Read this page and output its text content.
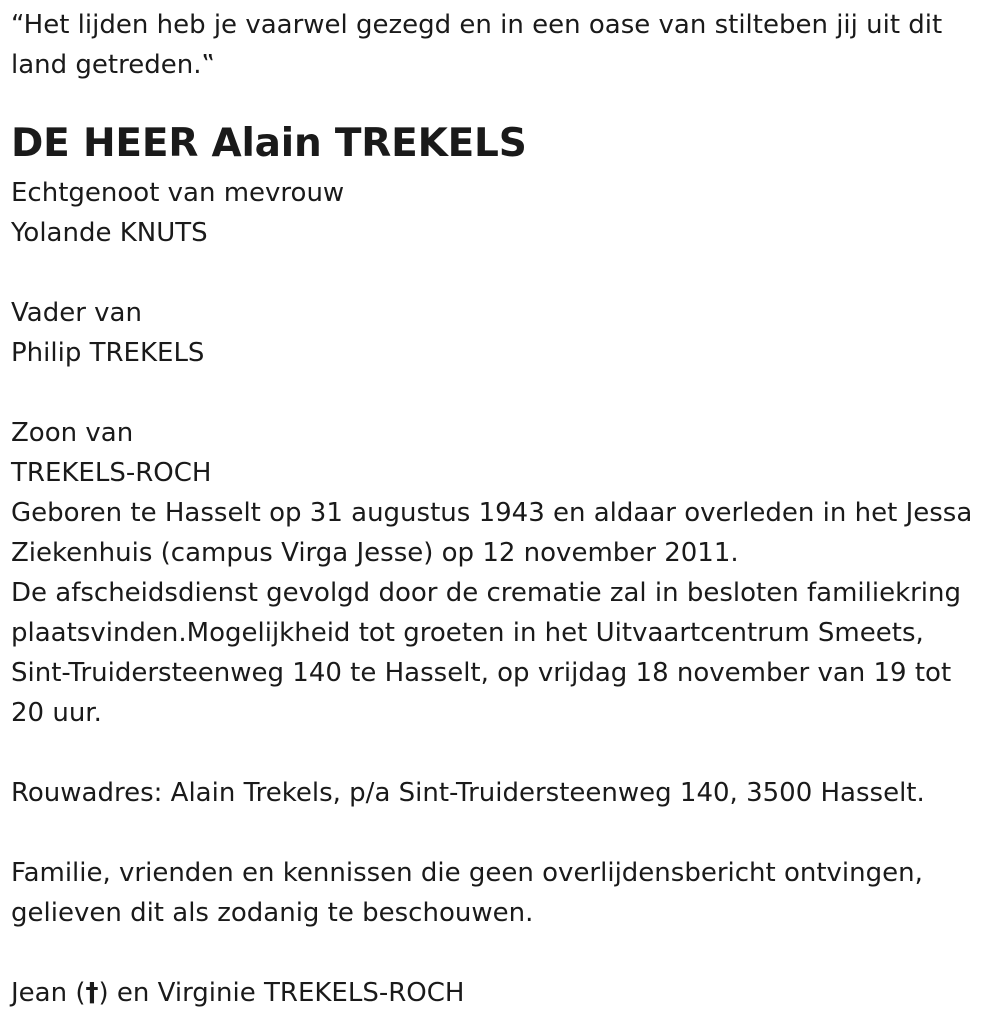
“Het lijden heb je vaarwel gezegd en in een oase van stilteben jij uit dit
land getreden.‟
DE HEER Alain TREKELS
Echtgenoot van mevrouw
Yolande KNUTS
Vader van
Philip TREKELS
Zoon van
TREKELS-ROCH
Geboren te Hasselt op 31 augustus 1943 en aldaar overleden in het Jessa
Ziekenhuis (campus Virga Jesse) op 12 november 2011.
De afscheidsdienst gevolgd door de crematie zal in besloten familiekring
plaatsvinden.Mogelijkheid tot groeten in het Uitvaartcentrum Smeets,
Sint-Truidersteenweg 140 te Hasselt, op vrijdag 18 november van 19 tot
20 uur.
Rouwadres: Alain Trekels, p/a Sint-Truidersteenweg 140, 3500 Hasselt.
Familie, vrienden en kennissen die geen overlijdensbericht ontvingen,
gelieven dit als zodanig te beschouwen.
Jean (†) en Virginie TREKELS-ROCH
